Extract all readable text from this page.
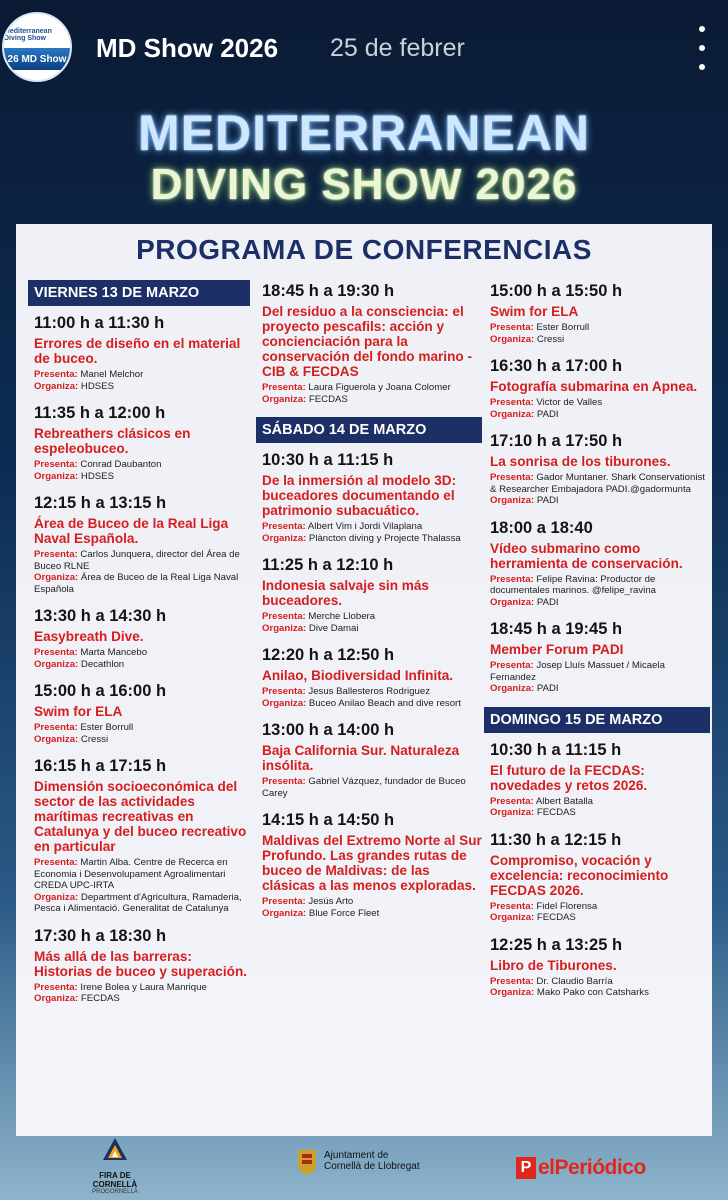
Mediterranean Diving Show
26 MD Show MD Show 2026 25 de febrer
MEDITERRANEAN
DIVING SHOW 2026
PROGRAMA DE CONFERENCIAS
VIERNES 13 DE MARZO
11:00 h a 11:30 h
Errores de diseño en el material de buceo.
Presenta: Manel Melchor
Organiza: HDSES
11:35 h a 12:00 h
Rebreathers clásicos en espeleobuceo.
Presenta: Conrad Daubanton
Organiza: HDSES
12:15 h a 13:15 h
Área de Buceo de la Real Liga Naval Española.
Presenta: Carlos Junquera, director del Área de Buceo RLNE
Organiza: Área de Buceo de la Real Liga Naval Española
13:30 h a 14:30 h
Easybreath Dive.
Presenta: Marta Mancebo
Organiza: Decathlon
15:00 h a 16:00 h
Swim for ELA
Presenta: Ester Borrull
Organiza: Cressi
16:15 h a 17:15 h
Dimensión socioeconómica del sector de las actividades marítimas recreativas en Catalunya y del buceo recreativo en particular
Presenta: Martin Alba. Centre de Recerca en Economia i Desenvolupament Agroalimentari CREDA UPC-IRTA
Organiza: Department d'Agricultura, Ramaderia, Pesca i Alimentació. Generalitat de Catalunya
17:30 h a 18:30 h
Más allá de las barreras: Historias de buceo y superación.
Presenta: Irene Bolea y Laura Manrique
Organiza: FECDAS
18:45 h a 19:30 h
Del residuo a la consciencia: el proyecto pescafils: acción y concienciación para la conservación del fondo marino - CIB & FECDAS
Presenta: Laura Figuerola y Joana Colomer
Organiza: FECDAS
SÁBADO 14 DE MARZO
10:30 h a 11:15 h
De la inmersión al modelo 3D: buceadores documentando el patrimonio subacuático.
Presenta: Albert Vim i Jordi Vilaplana
Organiza: Plàncton diving y Projecte Thalassa
11:25 h a 12:10 h
Indonesia salvaje sin más buceadores.
Presenta: Merche Llobera
Organiza: Dive Damai
12:20 h a 12:50 h
Anilao, Biodiversidad Infinita.
Presenta: Jesus Ballesteros Rodriguez
Organiza: Buceo Anilao Beach and dive resort
13:00 h a 14:00 h
Baja California Sur. Naturaleza insólita.
Presenta: Gabriel Vázquez, fundador de Buceo Carey
14:15 h a 14:50 h
Maldivas del Extremo Norte al Sur Profundo. Las grandes rutas de buceo de Maldivas: de las clásicas a las menos exploradas.
Presenta: Jesús Arto
Organiza: Blue Force Fleet
15:00 h a 15:50 h
Swim for ELA
Presenta: Ester Borrull
Organiza: Cressi
16:30 h a 17:00 h
Fotografía submarina en Apnea.
Presenta: Victor de Valles
Organiza: PADI
17:10 h a 17:50 h
La sonrisa de los tiburones.
Presenta: Gador Muntaner. Shark Conservationist & Researcher Embajadora PADI.@gadormunta
Organiza: PADI
18:00 a 18:40
Vídeo submarino como herramienta de conservación.
Presenta: Felipe Ravina: Productor de documentales marinos. @felipe_ravina
Organiza: PADI
18:45 h a 19:45 h
Member Forum PADI
Presenta: Josep Lluís Massuet / Micaela Fernandez
Organiza: PADI
DOMINGO 15 DE MARZO
10:30 h a 11:15 h
El futuro de la FECDAS: novedades y retos 2026.
Presenta: Albert Batalla
Organiza: FECDAS
11:30 h a 12:15 h
Compromiso, vocación y excelencia: reconocimiento FECDAS 2026.
Presenta: Fidel Florensa
Organiza: FECDAS
12:25 h a 13:25 h
Libro de Tiburones.
Presenta: Dr. Claudio Barría
Organiza: Mako Pako con Catsharks
FIRA DE CORNELLÀ
PROGORNELLÀ
Ajuntament de
Cornellà de Llobregat	P elPeriódico
